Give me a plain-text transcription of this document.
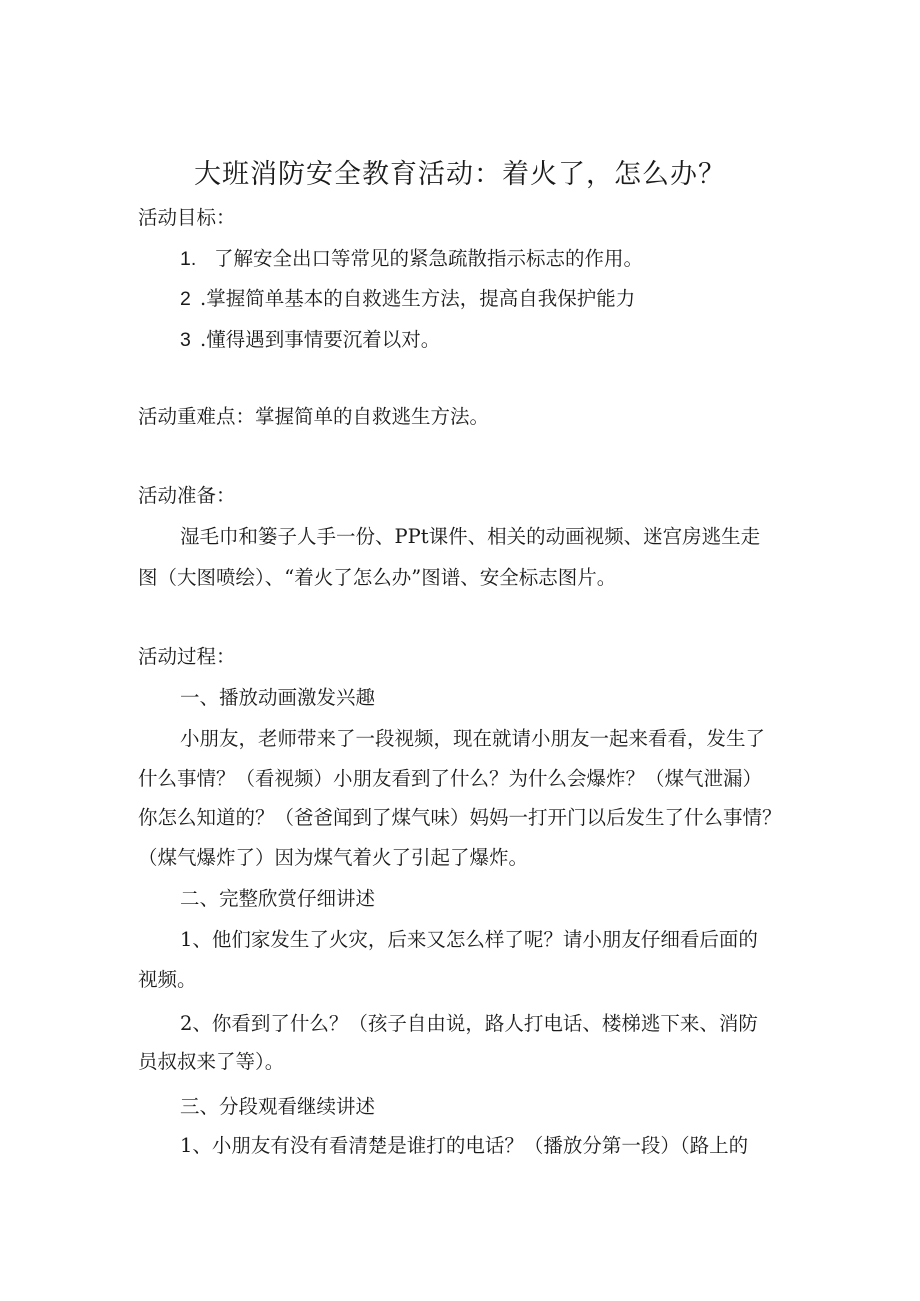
大班消防安全教育活动：着火了，怎么办？
活动目标：
1. 了解安全出口等常见的紧急疏散指示标志的作用。
2 .掌握简单基本的自救逃生方法，提高自我保护能力
3 .懂得遇到事情要沉着以对。
活动重难点：掌握简单的自救逃生方法。
活动准备：
湿毛巾和篓子人手一份、PPt课件、相关的动画视频、迷宫房逃生走
图（大图喷绘）、“着火了怎么办”图谱、安全标志图片。
活动过程：
一、播放动画激发兴趣
小朋友，老师带来了一段视频，现在就请小朋友一起来看看，发生了
什么事情？（看视频）小朋友看到了什么？为什么会爆炸？（煤气泄漏）
你怎么知道的？（爸爸闻到了煤气味）妈妈一打开门以后发生了什么事情？
（煤气爆炸了）因为煤气着火了引起了爆炸。
二、完整欣赏仔细讲述
1、他们家发生了火灾，后来又怎么样了呢？请小朋友仔细看后面的
视频。
2、你看到了什么？（孩子自由说，路人打电话、楼梯逃下来、消防
员叔叔来了等）。
三、分段观看继续讲述
1、小朋友有没有看清楚是谁打的电话？（播放分第一段）（路上的
